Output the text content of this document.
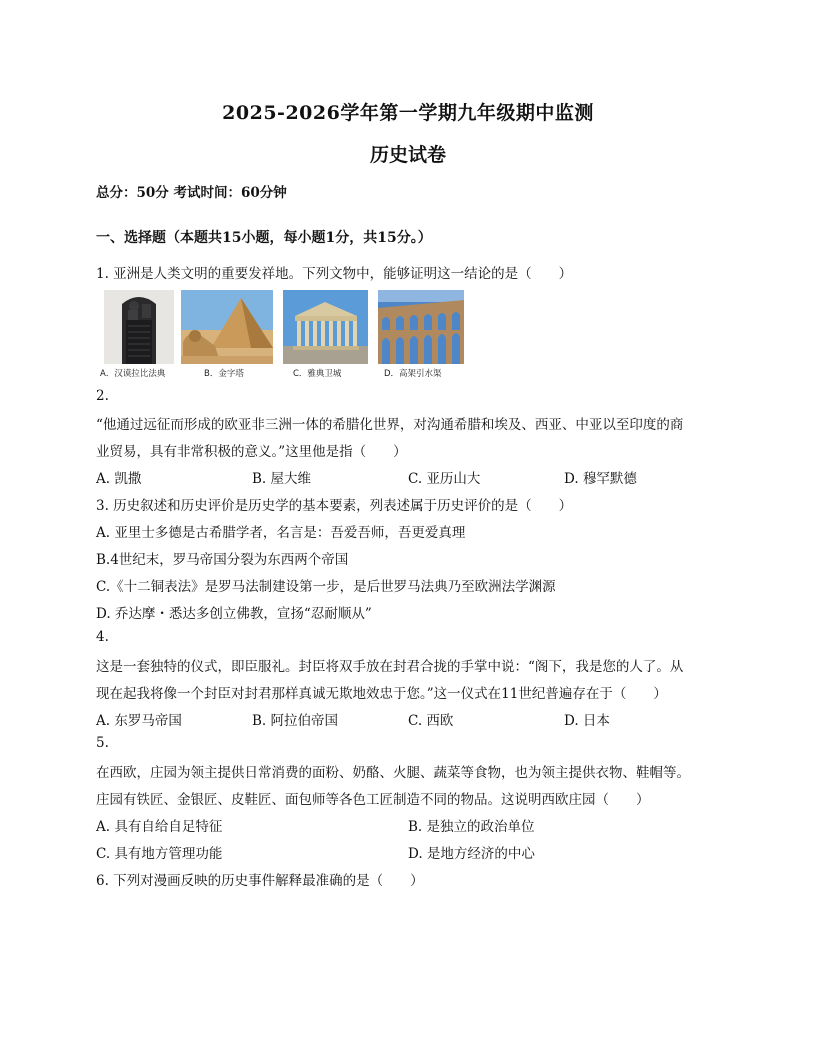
2025-2026学年第一学期九年级期中监测
历史试卷
总分：50分 考试时间：60分钟
一、选择题（本题共15小题，每小题1分，共15分。）
1. 亚洲是人类文明的重要发祥地。下列文物中，能够证明这一结论的是（　　）
A．汉谟拉比法典	B．金字塔	C．雅典卫城	D．高架引水渠
2.
“他通过远征而形成的欧亚非三洲一体的希腊化世界，对沟通希腊和埃及、西亚、中亚以至印度的商
业贸易，具有非常积极的意义。”这里他是指（　　）
A. 凯撒	B. 屋大维	C. 亚历山大	D. 穆罕默德
3. 历史叙述和历史评价是历史学的基本要素，列表述属于历史评价的是（　　）
A. 亚里士多德是古希腊学者，名言是：吾爱吾师，吾更爱真理
B.4世纪末，罗马帝国分裂为东西两个帝国
C.《十二铜表法》是罗马法制建设第一步，是后世罗马法典乃至欧洲法学渊源
D. 乔达摩・悉达多创立佛教，宣扬“忍耐顺从”
4.
这是一套独特的仪式，即臣服礼。封臣将双手放在封君合拢的手掌中说：“阁下，我是您的人了。从
现在起我将像一个封臣对封君那样真诚无欺地效忠于您。”这一仪式在11世纪普遍存在于（　　）
A. 东罗马帝国	B. 阿拉伯帝国	C. 西欧	D. 日本
5.
在西欧，庄园为领主提供日常消费的面粉、奶酪、火腿、蔬菜等食物，也为领主提供衣物、鞋帽等。
庄园有铁匠、金银匠、皮鞋匠、面包师等各色工匠制造不同的物品。这说明西欧庄园（　　）
A. 具有自给自足特征	B. 是独立的政治单位
C. 具有地方管理功能	D. 是地方经济的中心
6. 下列对漫画反映的历史事件解释最准确的是（　　）
